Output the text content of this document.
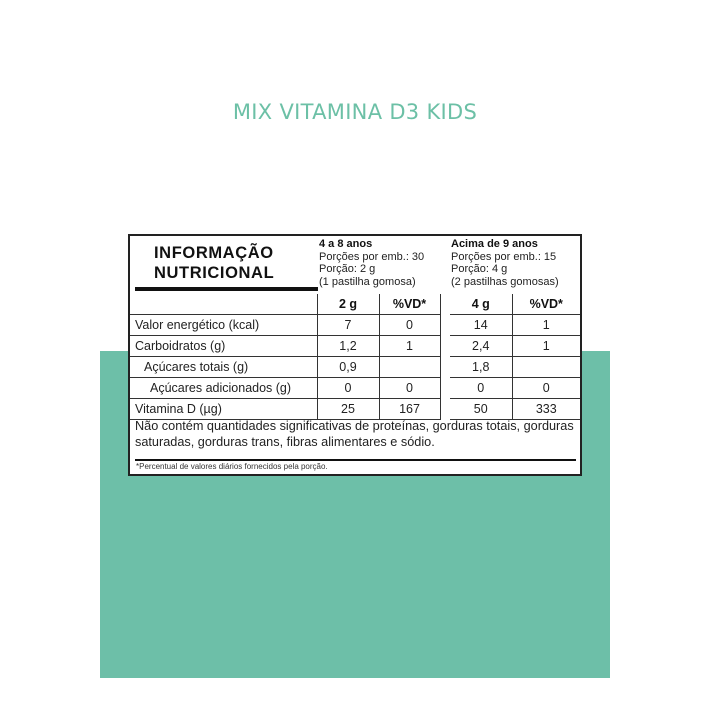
MIX VITAMINA D3 KIDS
INFORMAÇÃO
NUTRICIONAL
4 a 8 anos
Porções por emb.: 30
Porção: 2 g
(1 pastilha gomosa)
Acima de 9 anos
Porções por emb.: 15
Porção: 4 g
(2 pastilhas gomosas)
	2 g	%VD*		4 g	%VD*
Valor energético (kcal)	7	0		14	1
Carboidratos (g)	1,2	1		2,4	1
Açúcares totais (g)	0,9			1,8	
Açúcares adicionados (g)	0	0		0	0
Vitamina D (µg)	25	167		50	333
Não contém quantidades significativas de proteínas, gorduras totais, gorduras saturadas, gorduras trans, fibras alimentares e sódio.
*Percentual de valores diários fornecidos pela porção.
